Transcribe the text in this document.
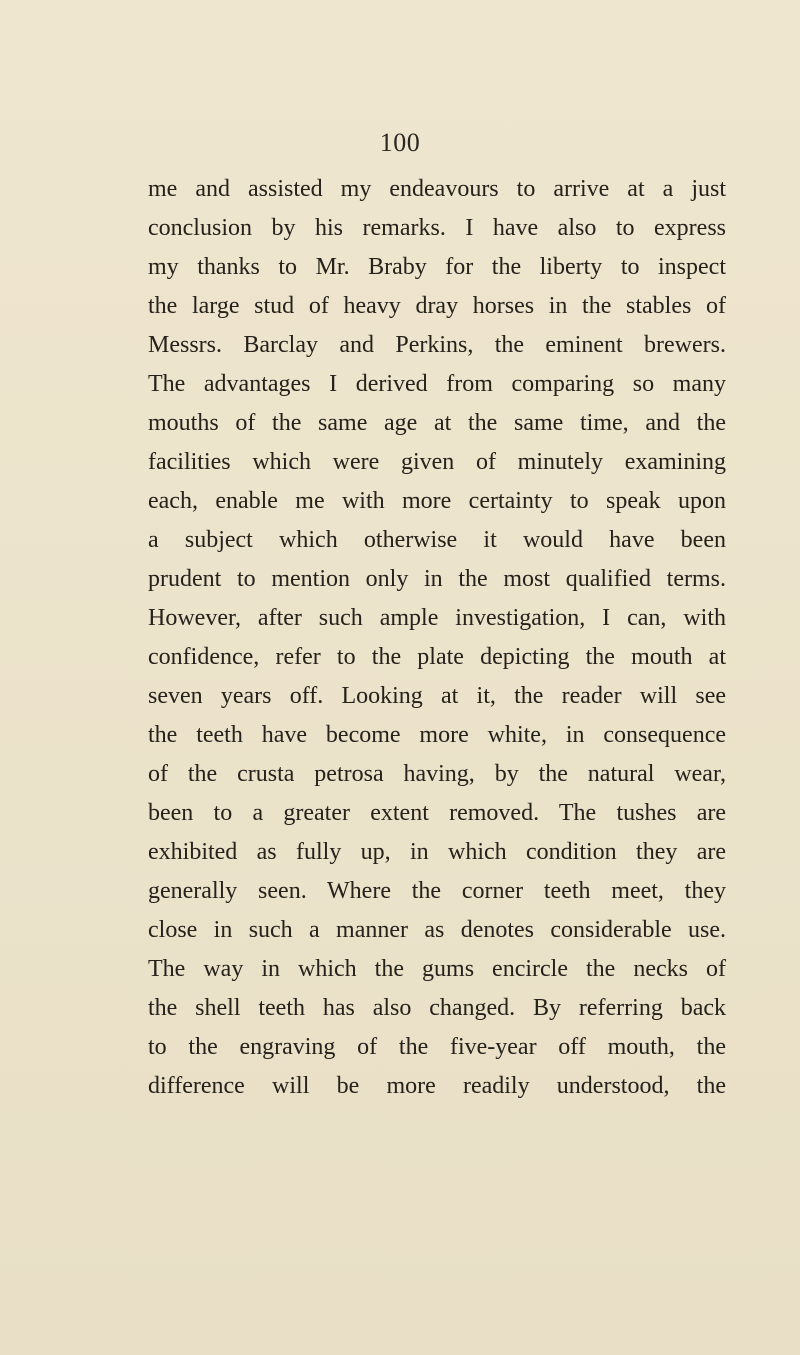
100
me and assisted my endeavours to arrive at a just
conclusion by his remarks. I have also to express
my thanks to Mr. Braby for the liberty to inspect
the large stud of heavy dray horses in the stables of
Messrs. Barclay and Perkins, the eminent brewers.
The advantages I derived from comparing so many
mouths of the same age at the same time, and the
facilities which were given of minutely examining
each, enable me with more certainty to speak upon
a subject which otherwise it would have been
prudent to mention only in the most qualified terms.
However, after such ample investigation, I can, with
confidence, refer to the plate depicting the mouth at
seven years off. Looking at it, the reader will see
the teeth have become more white, in consequence
of the crusta petrosa having, by the natural wear,
been to a greater extent removed. The tushes are
exhibited as fully up, in which condition they are
generally seen. Where the corner teeth meet, they
close in such a manner as denotes considerable use.
The way in which the gums encircle the necks of
the shell teeth has also changed. By referring back
to the engraving of the five-year off mouth, the
difference will be more readily understood, the
